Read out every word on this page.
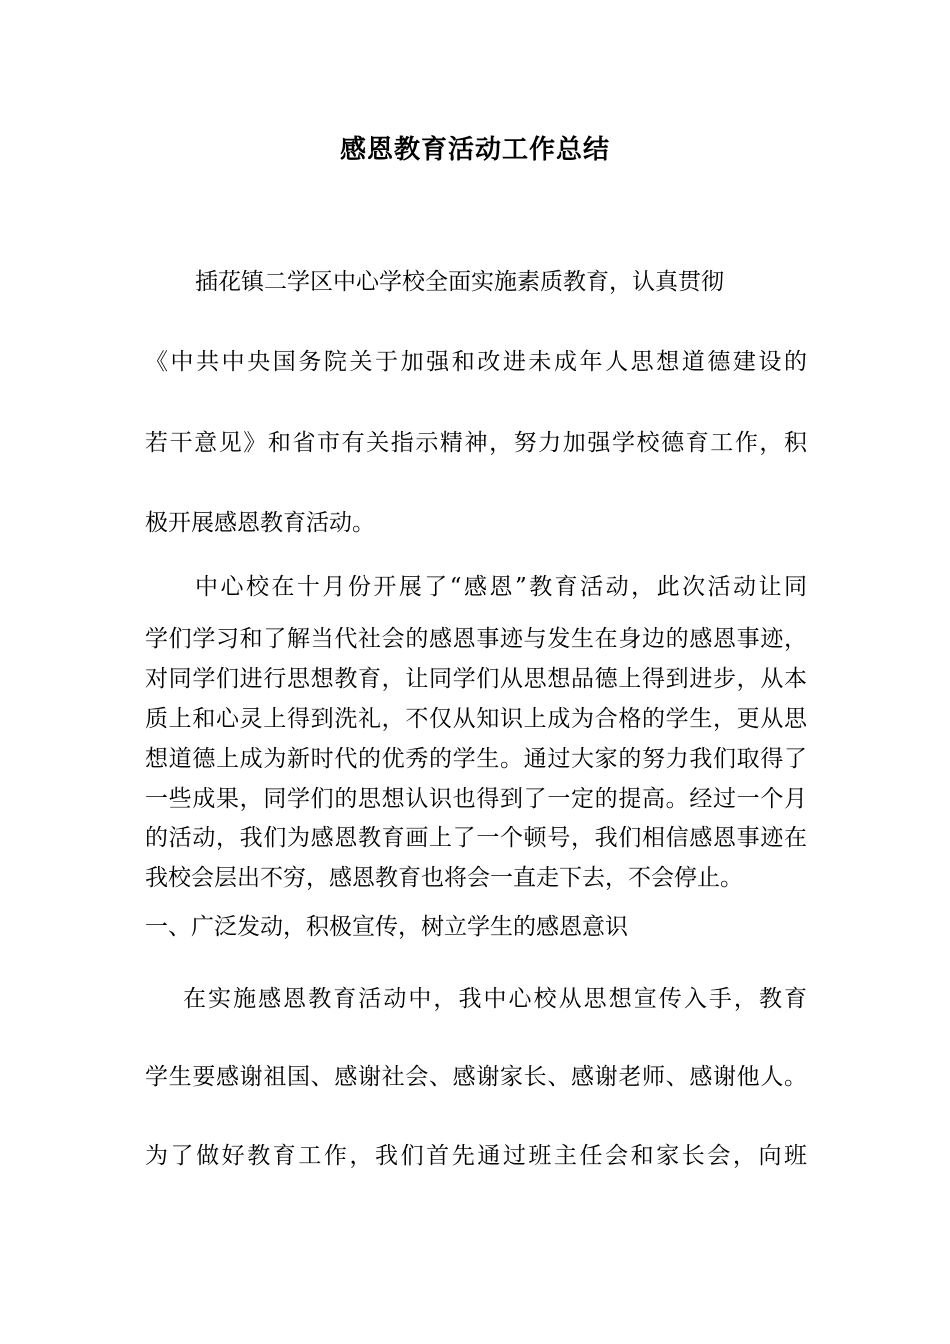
感恩教育活动工作总结
插花镇二学区中心学校全面实施素质教育，认真贯彻
《中共中央国务院关于加强和改进未成年人思想道德建设的
若干意见》和省市有关指示精神，努力加强学校德育工作，积
极开展感恩教育活动。
中心校在十月份开展了“感恩”教育活动，此次活动让同
学们学习和了解当代社会的感恩事迹与发生在身边的感恩事迹，
对同学们进行思想教育，让同学们从思想品德上得到进步，从本
质上和心灵上得到洗礼，不仅从知识上成为合格的学生，更从思
想道德上成为新时代的优秀的学生。通过大家的努力我们取得了
一些成果，同学们的思想认识也得到了一定的提高。经过一个月
的活动，我们为感恩教育画上了一个顿号，我们相信感恩事迹在
我校会层出不穷，感恩教育也将会一直走下去，不会停止。
一、广泛发动，积极宣传，树立学生的感恩意识
在实施感恩教育活动中，我中心校从思想宣传入手，教育
学生要感谢祖国、感谢社会、感谢家长、感谢老师、感谢他人。
为了做好教育工作，我们首先通过班主任会和家长会，向班
